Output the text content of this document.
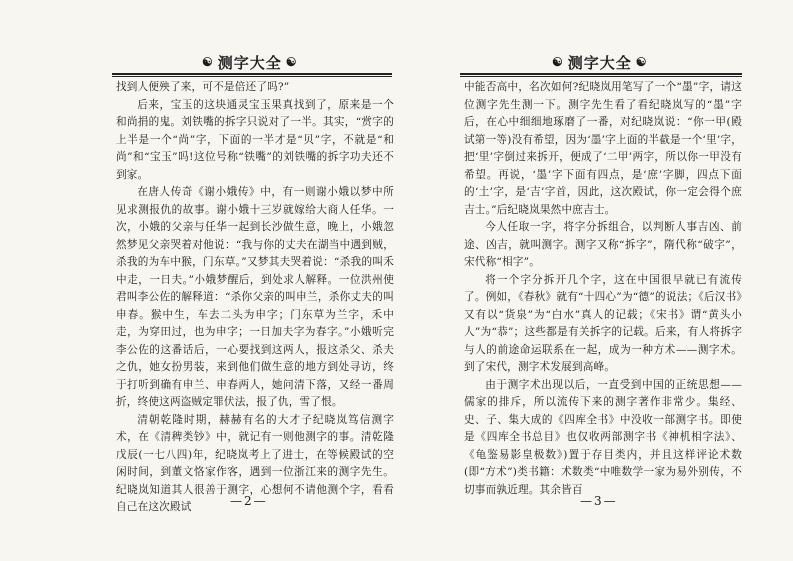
☯ 测字大全 ☯

找到人便殃了来，可不是倍还了吗?”

后来，宝玉的这块通灵宝玉果真找到了，原来是一个和尚捐的鬼。刘铁嘴的拆字只说对了一半。其实，“赏字的上半是一个“尚”字，下面的一半才是“贝”字，不就是“和尚”和“宝玉”吗!这位号称“铁嘴”的刘铁嘴的拆字功夫还不到家。

在唐人传奇《谢小娥传》中，有一则谢小娥以梦中所见求测报仇的故事。谢小娥十三岁就嫁给大商人任华。一次，小娥的父亲与任华一起到长沙做生意，晚上，小娥忽然梦见父亲哭着对他说：“我与你的丈夫在湖当中遇到贼，杀我的为车中猴，门东草。”又梦其夫哭着说：“杀我的叫禾中走，一日夫。”小娥梦醒后，到处求人解释。一位洪州使君叫李公佐的解释道：“杀你父亲的叫申兰，杀你丈夫的叫申春。猴中生，车去二头为申字；门东草为兰字，禾中走，为穿田过，也为申字；一日加夫字为春字。”小娥听完李公佐的这番话后，一心要找到这两人，报这杀父、杀夫之仇，她女扮男装，来到他们做生意的地方到处寻访，终于打听到确有申兰、申春两人，她问清下落，又经一番周折，终使这两盗贼定罪伏法，报了仇，雪了恨。

清朝乾隆时期，赫赫有名的大才子纪晓岚笃信测字术，在《清稗类钞》中，就记有一则他测字的事。清乾隆戊辰(一七八四)年，纪晓岚考上了进士，在等候殿试的空闲时间，到董文恪家作客，遇到一位浙江来的测字先生。纪晓岚知道其人很善于测字，心想何不请他测个字，看看自己在这次殿试	—2—
☯ 测字大全 ☯

中能否高中，名次如何?纪晓岚用笔写了一个“墨”字，请这位测字先生测一下。测字先生看了看纪晓岚写的“墨”字后，在心中细细地琢磨了一番，对纪晓岚说：“你一甲(殿试第一等)没有希望，因为‘墨’字上面的半截是一个‘里’字，把‘里’字倒过来拆开，便成了‘二甲’两字，所以你一甲没有希望。再说，‘墨’字下面有四点，是‘庶’字脚，四点下面的‘土’字，是‘吉’字首，因此，这次殿试，你一定会得个庶吉士。”后纪晓岚果然中庶吉士。

今人任取一字，将字分拆组合，以判断人事吉凶、前途、凶吉，就叫测字。测字又称“拆字”，隋代称“破字”，宋代称“相字”。

将一个字分拆开几个字，这在中国很早就已有流传了。例如，《春秋》就有“十四心”为“德”的说法；《后汉书》又有以“货泉”为“白水”真人的记载；《宋书》谓“黄头小人”为“恭”；这些都是有关拆字的记载。后来，有人将拆字与人的前途命运联系在一起，成为一种方术——测字术。到了宋代，测字术发展到高峰。

由于测字术出现以后，一直受到中国的正统思想——儒家的排斥，所以流传下来的测字著作非常少。集经、史、子、集大成的《四库全书》中没收一部测字书。即使是《四库全书总目》也仅收两部测字书《神机相字法》、《龟鉴易影皇极数》)置于存目类内，并且这样评论术数(即“方术”)类书籍：术数类“中唯数学一家为易外别传，不切事而孰近理。其余皆百

—3—
